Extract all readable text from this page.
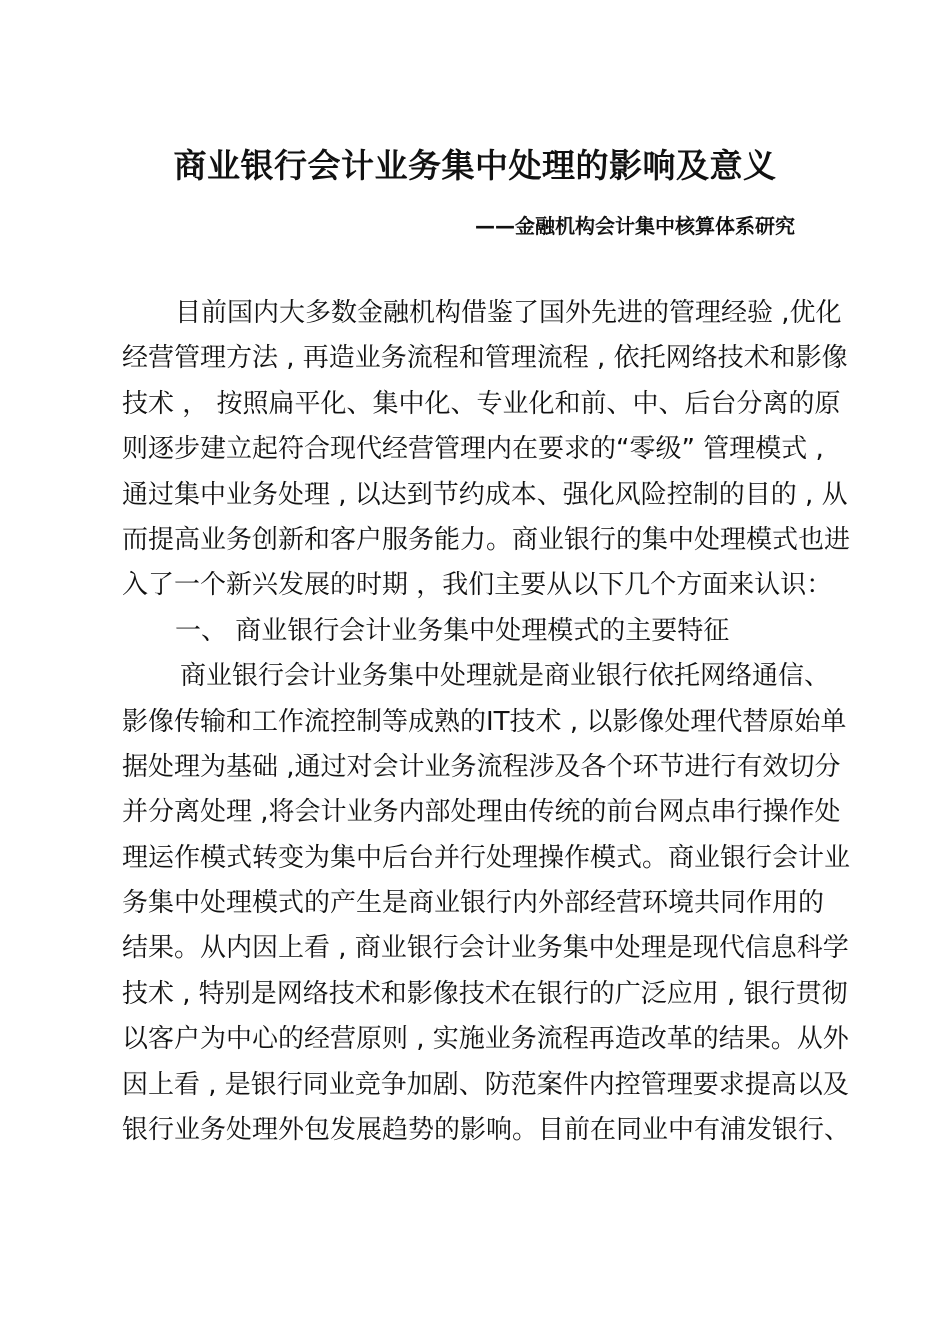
商业银行会计业务集中处理的影响及意义

——金融机构会计集中核算体系研究

目前国内大多数金融机构借鉴了国外先进的管理经验 ,优化
经营管理方法 , 再造业务流程和管理流程 , 依托网络技术和影像
技术 ， 按照扁平化、集中化、专业化和前、中、后台分离的原
则逐步建立起符合现代经营管理内在要求的“零级” 管理模式 ,
通过集中业务处理 , 以达到节约成本、强化风险控制的目的 , 从
而提高业务创新和客户服务能力。商业银行的集中处理模式也进
入了一个新兴发展的时期 ，我们主要从以下几个方面来认识：
一、 商业银行会计业务集中处理模式的主要特征
商业银行会计业务集中处理就是商业银行依托网络通信、
影像传输和工作流控制等成熟的IT技术 , 以影像处理代替原始单
据处理为基础 ,通过对会计业务流程涉及各个环节进行有效切分
并分离处理 ,将会计业务内部处理由传统的前台网点串行操作处
理运作模式转变为集中后台并行处理操作模式。商业银行会计业
务集中处理模式的产生是商业银行内外部经营环境共同作用的
结果。从内因上看 , 商业银行会计业务集中处理是现代信息科学
技术 , 特别是网络技术和影像技术在银行的广泛应用 , 银行贯彻
以客户为中心的经营原则 , 实施业务流程再造改革的结果。从外
因上看 , 是银行同业竞争加剧、防范案件内控管理要求提高以及
银行业务处理外包发展趋势的影响。目前在同业中有浦发银行、
